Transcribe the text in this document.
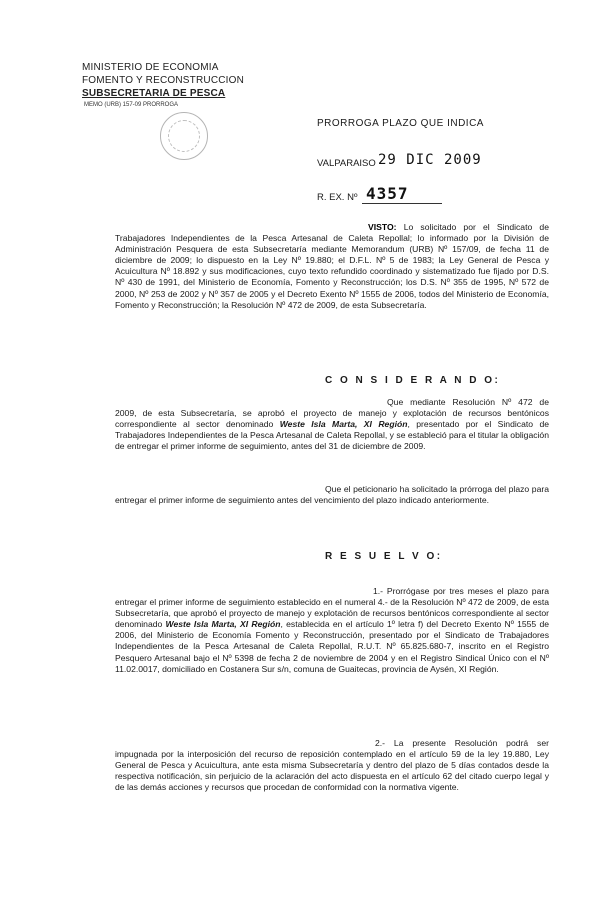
MINISTERIO DE ECONOMIA
FOMENTO Y RECONSTRUCCION
SUBSECRETARIA DE PESCA
MEMO (URB) 157-09 PRORROGA
PRORROGA PLAZO QUE INDICA
VALPARAISO 29 DIC 2009
R. EX. Nº 4357
VISTO: Lo solicitado por el Sindicato de Trabajadores Independientes de la Pesca Artesanal de Caleta Repollal; lo informado por la División de Administración Pesquera de esta Subsecretaría mediante Memorandum (URB) Nº 157/09, de fecha 11 de diciembre de 2009; lo dispuesto en la Ley Nº 19.880; el D.F.L. Nº 5 de 1983; la Ley General de Pesca y Acuicultura Nº 18.892 y sus modificaciones, cuyo texto refundido coordinado y sistematizado fue fijado por D.S. Nº 430 de 1991, del Ministerio de Economía, Fomento y Reconstrucción; los D.S. Nº 355 de 1995, Nº 572 de 2000, Nº 253 de 2002 y Nº 357 de 2005 y el Decreto Exento Nº 1555 de 2006, todos del Ministerio de Economía, Fomento y Reconstrucción; la Resolución Nº 472 de 2009, de esta Subsecretaría.
C O N S I D E R A N D O:
Que mediante Resolución Nº 472 de 2009, de esta Subsecretaría, se aprobó el proyecto de manejo y explotación de recursos bentónicos correspondiente al sector denominado Weste Isla Marta, XI Región, presentado por el Sindicato de Trabajadores Independientes de la Pesca Artesanal de Caleta Repollal, y se estableció para el titular la obligación de entregar el primer informe de seguimiento, antes del 31 de diciembre de 2009.
Que el peticionario ha solicitado la prórroga del plazo para entregar el primer informe de seguimiento antes del vencimiento del plazo indicado anteriormente.
R E S U E L V O:
1.- Prorrógase por tres meses el plazo para entregar el primer informe de seguimiento establecido en el numeral 4.- de la Resolución Nº 472 de 2009, de esta Subsecretaría, que aprobó el proyecto de manejo y explotación de recursos bentónicos correspondiente al sector denominado Weste Isla Marta, XI Región, establecida en el artículo 1º letra f) del Decreto Exento Nº 1555 de 2006, del Ministerio de Economía Fomento y Reconstrucción, presentado por el Sindicato de Trabajadores Independientes de la Pesca Artesanal de Caleta Repollal, R.U.T. Nº 65.825.680-7, inscrito en el Registro Pesquero Artesanal bajo el Nº 5398 de fecha 2 de noviembre de 2004 y en el Registro Sindical Único con el Nº 11.02.0017, domiciliado en Costanera Sur s/n, comuna de Guaitecas, provincia de Aysén, XI Región.
2.- La presente Resolución podrá ser impugnada por la interposición del recurso de reposición contemplado en el artículo 59 de la ley 19.880, Ley General de Pesca y Acuicultura, ante esta misma Subsecretaría y dentro del plazo de 5 días contados desde la respectiva notificación, sin perjuicio de la aclaración del acto dispuesta en el artículo 62 del citado cuerpo legal y de las demás acciones y recursos que procedan de conformidad con la normativa vigente.
